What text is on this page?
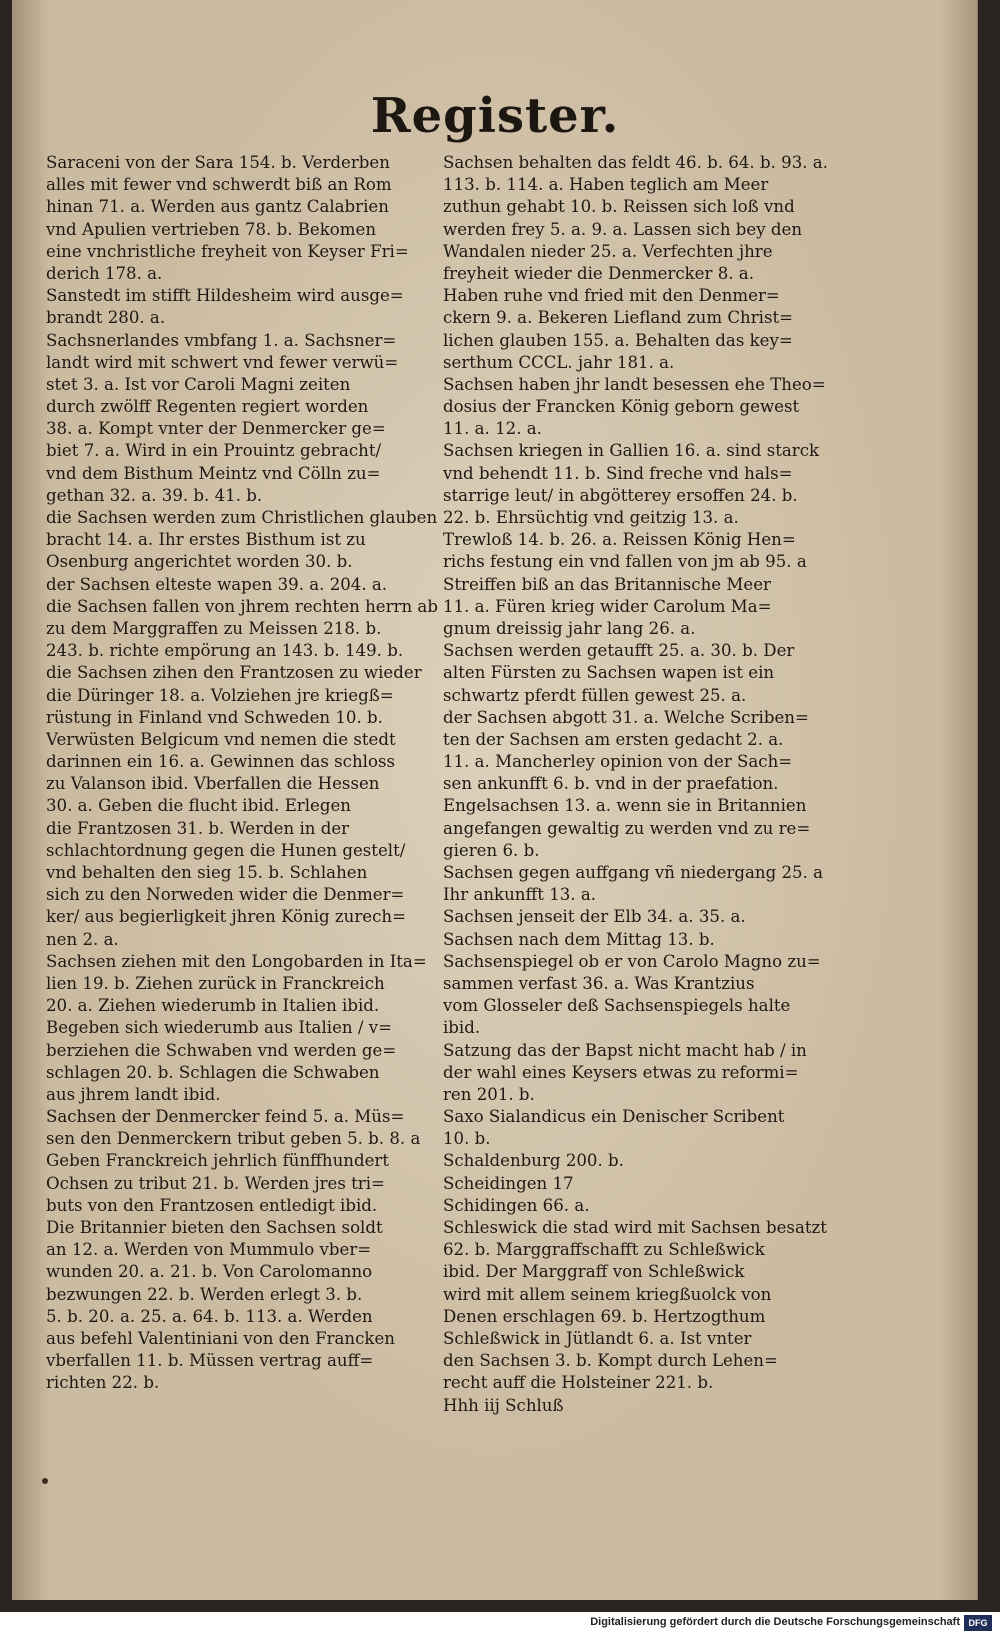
Register.
Saraceni von der Sara 154. b. Verderben
alles mit fewer vnd schwerdt biß an Rom
hinan 71. a. Werden aus gantz Calabrien
vnd Apulien vertrieben 78. b. Bekomen
eine vnchristliche freyheit von Keyser Fri=
derich 178. a.
Sanstedt im stifft Hildesheim wird ausge=
brandt 280. a.
Sachsnerlandes vmbfang 1. a. Sachsner=
landt wird mit schwert vnd fewer verwü=
stet 3. a. Ist vor Caroli Magni zeiten
durch zwölff Regenten regiert worden
38. a. Kompt vnter der Denmercker ge=
biet 7. a. Wird in ein Prouintz gebracht/
vnd dem Bisthum Meintz vnd Cölln zu=
gethan 32. a. 39. b. 41. b.
die Sachsen werden zum Christlichen glauben
bracht 14. a. Ihr erstes Bisthum ist zu
Osenburg angerichtet worden 30. b.
der Sachsen elteste wapen 39. a. 204. a.
die Sachsen fallen von jhrem rechten herrn ab
zu dem Marggraffen zu Meissen 218. b.
243. b. richte empörung an 143. b. 149. b.
die Sachsen zihen den Frantzosen zu wieder
die Düringer 18. a. Volziehen jre kriegß=
rüstung in Finland vnd Schweden 10. b.
Verwüsten Belgicum vnd nemen die stedt
darinnen ein 16. a. Gewinnen das schloss
zu Valanson ibid. Vberfallen die Hessen
30. a. Geben die flucht ibid. Erlegen
die Frantzosen 31. b. Werden in der
schlachtordnung gegen die Hunen gestelt/
vnd behalten den sieg 15. b. Schlahen
sich zu den Norweden wider die Denmer=
ker/ aus begierligkeit jhren König zurech=
nen 2. a.
Sachsen ziehen mit den Longobarden in Ita=
lien 19. b. Ziehen zurück in Franckreich
20. a. Ziehen wiederumb in Italien ibid.
Begeben sich wiederumb aus Italien / v=
berziehen die Schwaben vnd werden ge=
schlagen 20. b. Schlagen die Schwaben
aus jhrem landt ibid.
Sachsen der Denmercker feind 5. a. Müs=
sen den Denmerckern tribut geben 5. b. 8. a
Geben Franckreich jehrlich fünffhundert
Ochsen zu tribut 21. b. Werden jres tri=
buts von den Frantzosen entledigt ibid.
Die Britannier bieten den Sachsen soldt
an 12. a. Werden von Mummulo vber=
wunden 20. a. 21. b. Von Carolomanno
bezwungen 22. b. Werden erlegt 3. b.
5. b. 20. a. 25. a. 64. b. 113. a. Werden
aus befehl Valentiniani von den Francken
vberfallen 11. b. Müssen vertrag auff=
richten 22. b.
Sachsen behalten das feldt 46. b. 64. b. 93. a.
113. b. 114. a. Haben teglich am Meer
zuthun gehabt 10. b. Reissen sich loß vnd
werden frey 5. a. 9. a. Lassen sich bey den
Wandalen nieder 25. a. Verfechten jhre
freyheit wieder die Denmercker 8. a.
Haben ruhe vnd fried mit den Denmer=
ckern 9. a. Bekeren Liefland zum Christ=
lichen glauben 155. a. Behalten das key=
serthum CCCL. jahr 181. a.
Sachsen haben jhr landt besessen ehe Theo=
dosius der Francken König geborn gewest
11. a. 12. a.
Sachsen kriegen in Gallien 16. a. sind starck
vnd behendt 11. b. Sind freche vnd hals=
starrige leut/ in abgötterey ersoffen 24. b.
22. b. Ehrsüchtig vnd geitzig 13. a.
Trewloß 14. b. 26. a. Reissen König Hen=
richs festung ein vnd fallen von jm ab 95. a
Streiffen biß an das Britannische Meer
11. a. Füren krieg wider Carolum Ma=
gnum dreissig jahr lang 26. a.
Sachsen werden getaufft 25. a. 30. b. Der
alten Fürsten zu Sachsen wapen ist ein
schwartz pferdt füllen gewest 25. a.
der Sachsen abgott 31. a. Welche Scriben=
ten der Sachsen am ersten gedacht 2. a.
11. a. Mancherley opinion von der Sach=
sen ankunfft 6. b. vnd in der praefation.
Engelsachsen 13. a. wenn sie in Britannien
angefangen gewaltig zu werden vnd zu re=
gieren 6. b.
Sachsen gegen auffgang vñ niedergang 25. a
Ihr ankunfft 13. a.
Sachsen jenseit der Elb 34. a. 35. a.
Sachsen nach dem Mittag 13. b.
Sachsenspiegel ob er von Carolo Magno zu=
sammen verfast 36. a. Was Krantzius
vom Glosseler deß Sachsenspiegels halte
ibid.
Satzung das der Bapst nicht macht hab / in
der wahl eines Keysers etwas zu reformi=
ren 201. b.
Saxo Sialandicus ein Denischer Scribent
10. b.
Schaldenburg 200. b.
Scheidingen 17
Schidingen 66. a.
Schleswick die stad wird mit Sachsen besatzt
62. b. Marggraffschafft zu Schleßwick
ibid. Der Marggraff von Schleßwick
wird mit allem seinem kriegßuolck von
Denen erschlagen 69. b. Hertzogthum
Schleßwick in Jütlandt 6. a. Ist vnter
den Sachsen 3. b. Kompt durch Lehen=
recht auff die Holsteiner 221. b.
Hhh iij Schluß
Digitalisierung gefördert durch die Deutsche Forschungsgemeinschaft DFG
